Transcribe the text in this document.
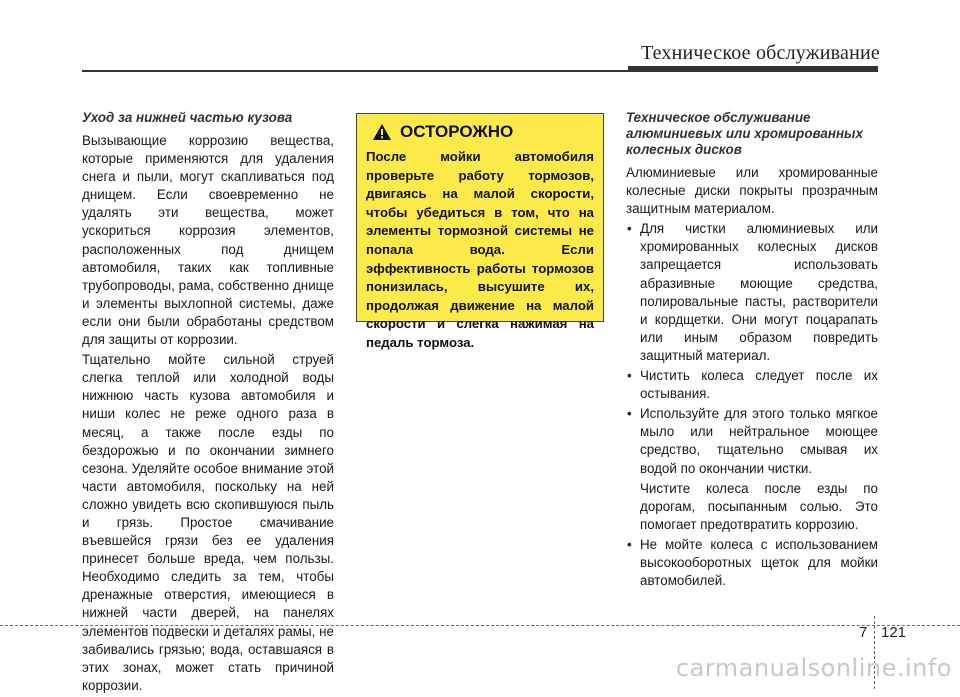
Техническое обслуживание
Уход за нижней частью кузова

Вызывающие коррозию вещества, которые применяются для удаления снега и пыли, могут скапливаться под днищем. Если своевременно не удалять эти вещества, может ускориться коррозия элементов, расположенных под днищем автомобиля, таких как топливные трубопроводы, рама, собственно днище и элементы выхлопной системы, даже если они были обработаны средством для защиты от коррозии.

Тщательно мойте сильной струей слегка теплой или холодной воды нижнюю часть кузова автомобиля и ниши колес не реже одного раза в месяц, а также после езды по бездорожью и по окончании зимнего сезона. Уделяйте особое внимание этой части автомобиля, поскольку на ней сложно увидеть всю скопившуюся пыль и грязь. Простое смачивание въевшейся грязи без ее удаления принесет больше вреда, чем пользы. Необходимо следить за тем, чтобы дренажные отверстия, имеющиеся в нижней части дверей, на панелях элементов подвески и деталях рамы, не забивались грязью; вода, оставшаяся в этих зонах, может стать причиной коррозии.

ОСТОРОЖНО

После мойки автомобиля проверьте работу тормозов, двигаясь на малой скорости, чтобы убедиться в том, что на элементы тормозной системы не попала вода. Если эффективность работы тормозов понизилась, высушите их, продолжая движение на малой скорости и слегка нажимая на педаль тормоза.

Техническое обслуживание алюминиевых или хромированных колесных дисков

Алюминиевые или хромированные колесные диски покрыты прозрачным защитным материалом.

• Для чистки алюминиевых или хромированных колесных дисков запрещается использовать абразивные моющие средства, полировальные пасты, растворители и кордщетки. Они могут поцарапать или иным образом повредить защитный материал.
• Чистить колеса следует после их остывания.
• Используйте для этого только мягкое мыло или нейтральное моющее средство, тщательно смывая их водой по окончании чистки.

Чистите колеса после езды по дорогам, посыпанным солью. Это помогает предотвратить коррозию.

• Не мойте колеса с использованием высокооборотных щеток для мойки автомобилей.
7 121
carmanualsonline.info
